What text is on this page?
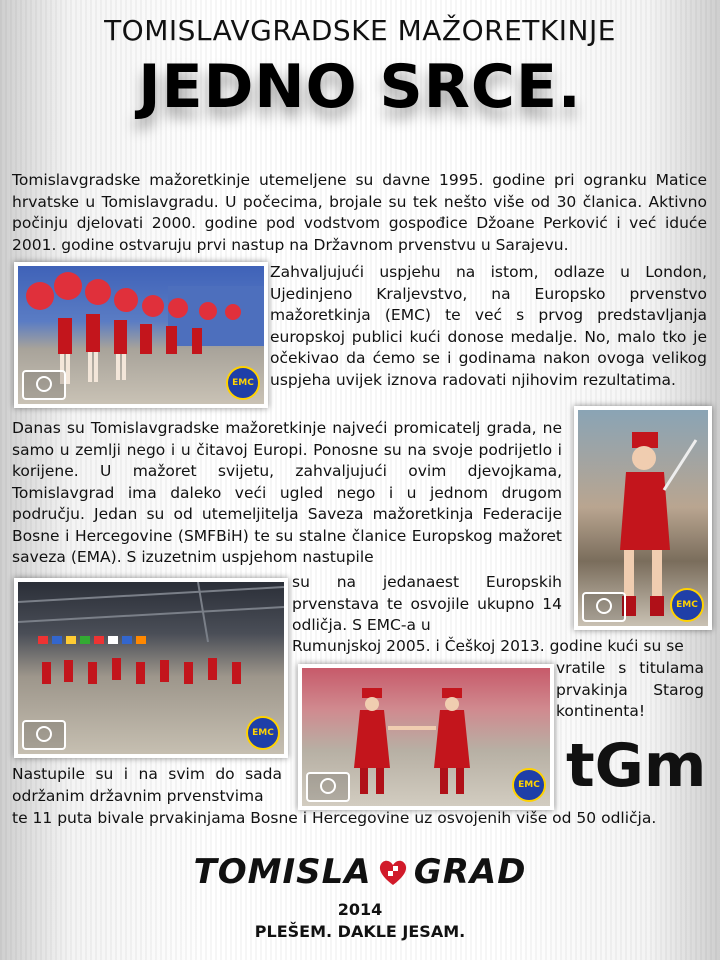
TOMISLAVGRADSKE MAŽORETKINJE
JEDNO SRCE.
Tomislavgradske mažoretkinje utemeljene su davne 1995. godine pri ogranku Matice hrvatske u Tomislavgradu. U počecima, brojale su tek nešto više od 30 članica. Aktivno počinju djelovati 2000. godine pod vodstvom gospođice Džoane Perković i već iduće 2001. godine ostvaruju prvi nastup na Državnom prvenstvu u Sarajevu.
EMC
Zahvaljujući uspjehu na istom, odlaze u London, Ujedinjeno Kraljevstvo, na Europsko prvenstvo mažoretkinja (EMC) te već s prvog predstavljanja europskoj publici kući donose medalje. No, malo tko je očekivao da ćemo se i godinama nakon ovoga velikog uspjeha uvijek iznova radovati njihovim rezultatima.
Danas su Tomislavgradske mažoretkinje najveći promicatelj grada, ne samo u zemlji nego i u čitavoj Europi. Ponosne su na svoje podrijetlo i korijene. U mažoret svijetu, zahvaljujući ovim djevojkama, Tomislavgrad ima daleko veći ugled nego i u jednom drugom području. Jedan su od utemeljitelja Saveza mažoretkinja Federacije Bosne i Hercegovine (SMFBiH) te su stalne članice Europskog mažoret saveza (EMA). S izuzetnim uspjehom nastupile
EMC
EMC
su na jedanaest Europskih prvenstava te osvojile ukupno 14 odličja. S EMC-a u
Rumunjskoj 2005. i Češkoj 2013. godine kući su se
EMC
vratile s titulama prvakinja Starog kontinenta!
tGm
Nastupile su i na svim do sada održanim državnim prvenstvima
te 11 puta bivale prvakinjama Bosne i Hercegovine uz osvojenih više od 50 odličja.
TOMISLA GRAD
2014
PLEŠEM. DAKLE JESAM.
